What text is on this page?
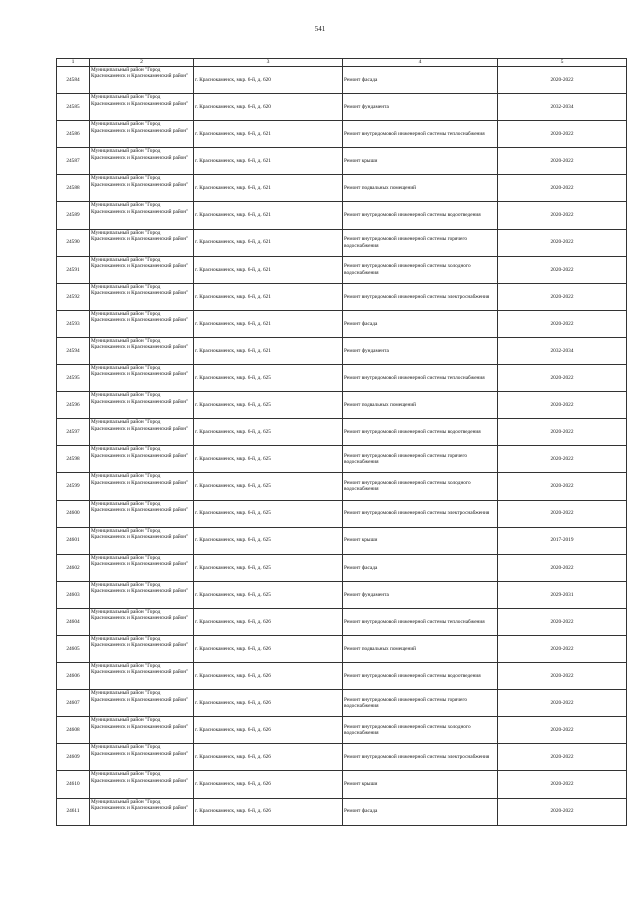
541
1	2	3	4	5
24584	Муниципальный район "Город Краснокаменск и Краснокаменский район"	г. Краснокаменск, мкр. 6-й, д. 620	Ремонт фасада	2020-2022
24585	Муниципальный район "Город Краснокаменск и Краснокаменский район"	г. Краснокаменск, мкр. 6-й, д. 620	Ремонт фундамента	2032-2034
24586	Муниципальный район "Город Краснокаменск и Краснокаменский район"	г. Краснокаменск, мкр. 6-й, д. 621	Ремонт внутридомовой инженерной системы теплоснабжения	2020-2022
24587	Муниципальный район "Город Краснокаменск и Краснокаменский район"	г. Краснокаменск, мкр. 6-й, д. 621	Ремонт крыши	2020-2022
24588	Муниципальный район "Город Краснокаменск и Краснокаменский район"	г. Краснокаменск, мкр. 6-й, д. 621	Ремонт подвальных помещений	2020-2022
24589	Муниципальный район "Город Краснокаменск и Краснокаменский район"	г. Краснокаменск, мкр. 6-й, д. 621	Ремонт внутридомовой инженерной системы водоотведения	2020-2022
24590	Муниципальный район "Город Краснокаменск и Краснокаменский район"	г. Краснокаменск, мкр. 6-й, д. 621	Ремонт внутридомовой инженерной системы горячего водоснабжения	2020-2022
24591	Муниципальный район "Город Краснокаменск и Краснокаменский район"	г. Краснокаменск, мкр. 6-й, д. 621	Ремонт внутридомовой инженерной системы холодного водоснабжения	2020-2022
24592	Муниципальный район "Город Краснокаменск и Краснокаменский район"	г. Краснокаменск, мкр. 6-й, д. 621	Ремонт внутридомовой инженерной системы электроснабжения	2020-2022
24593	Муниципальный район "Город Краснокаменск и Краснокаменский район"	г. Краснокаменск, мкр. 6-й, д. 621	Ремонт фасада	2020-2022
24594	Муниципальный район "Город Краснокаменск и Краснокаменский район"	г. Краснокаменск, мкр. 6-й, д. 621	Ремонт фундамента	2032-2034
24595	Муниципальный район "Город Краснокаменск и Краснокаменский район"	г. Краснокаменск, мкр. 6-й, д. 625	Ремонт внутридомовой инженерной системы теплоснабжения	2020-2022
24596	Муниципальный район "Город Краснокаменск и Краснокаменский район"	г. Краснокаменск, мкр. 6-й, д. 625	Ремонт подвальных помещений	2020-2022
24597	Муниципальный район "Город Краснокаменск и Краснокаменский район"	г. Краснокаменск, мкр. 6-й, д. 625	Ремонт внутридомовой инженерной системы водоотведения	2020-2022
24598	Муниципальный район "Город Краснокаменск и Краснокаменский район"	г. Краснокаменск, мкр. 6-й, д. 625	Ремонт внутридомовой инженерной системы горячего водоснабжения	2020-2022
24599	Муниципальный район "Город Краснокаменск и Краснокаменский район"	г. Краснокаменск, мкр. 6-й, д. 625	Ремонт внутридомовой инженерной системы холодного водоснабжения	2020-2022
24600	Муниципальный район "Город Краснокаменск и Краснокаменский район"	г. Краснокаменск, мкр. 6-й, д. 625	Ремонт внутридомовой инженерной системы электроснабжения	2020-2022
24601	Муниципальный район "Город Краснокаменск и Краснокаменский район"	г. Краснокаменск, мкр. 6-й, д. 625	Ремонт крыши	2017-2019
24602	Муниципальный район "Город Краснокаменск и Краснокаменский район"	г. Краснокаменск, мкр. 6-й, д. 625	Ремонт фасада	2020-2022
24603	Муниципальный район "Город Краснокаменск и Краснокаменский район"	г. Краснокаменск, мкр. 6-й, д. 625	Ремонт фундамента	2029-2031
24604	Муниципальный район "Город Краснокаменск и Краснокаменский район"	г. Краснокаменск, мкр. 6-й, д. 626	Ремонт внутридомовой инженерной системы теплоснабжения	2020-2022
24605	Муниципальный район "Город Краснокаменск и Краснокаменский район"	г. Краснокаменск, мкр. 6-й, д. 626	Ремонт подвальных помещений	2020-2022
24606	Муниципальный район "Город Краснокаменск и Краснокаменский район"	г. Краснокаменск, мкр. 6-й, д. 626	Ремонт внутридомовой инженерной системы водоотведения	2020-2022
24607	Муниципальный район "Город Краснокаменск и Краснокаменский район"	г. Краснокаменск, мкр. 6-й, д. 626	Ремонт внутридомовой инженерной системы горячего водоснабжения	2020-2022
24608	Муниципальный район "Город Краснокаменск и Краснокаменский район"	г. Краснокаменск, мкр. 6-й, д. 626	Ремонт внутридомовой инженерной системы холодного водоснабжения	2020-2022
24609	Муниципальный район "Город Краснокаменск и Краснокаменский район"	г. Краснокаменск, мкр. 6-й, д. 626	Ремонт внутридомовой инженерной системы электроснабжения	2020-2022
24610	Муниципальный район "Город Краснокаменск и Краснокаменский район"	г. Краснокаменск, мкр. 6-й, д. 626	Ремонт крыши	2020-2022
24611	Муниципальный район "Город Краснокаменск и Краснокаменский район"	г. Краснокаменск, мкр. 6-й, д. 626	Ремонт фасада	2020-2022
